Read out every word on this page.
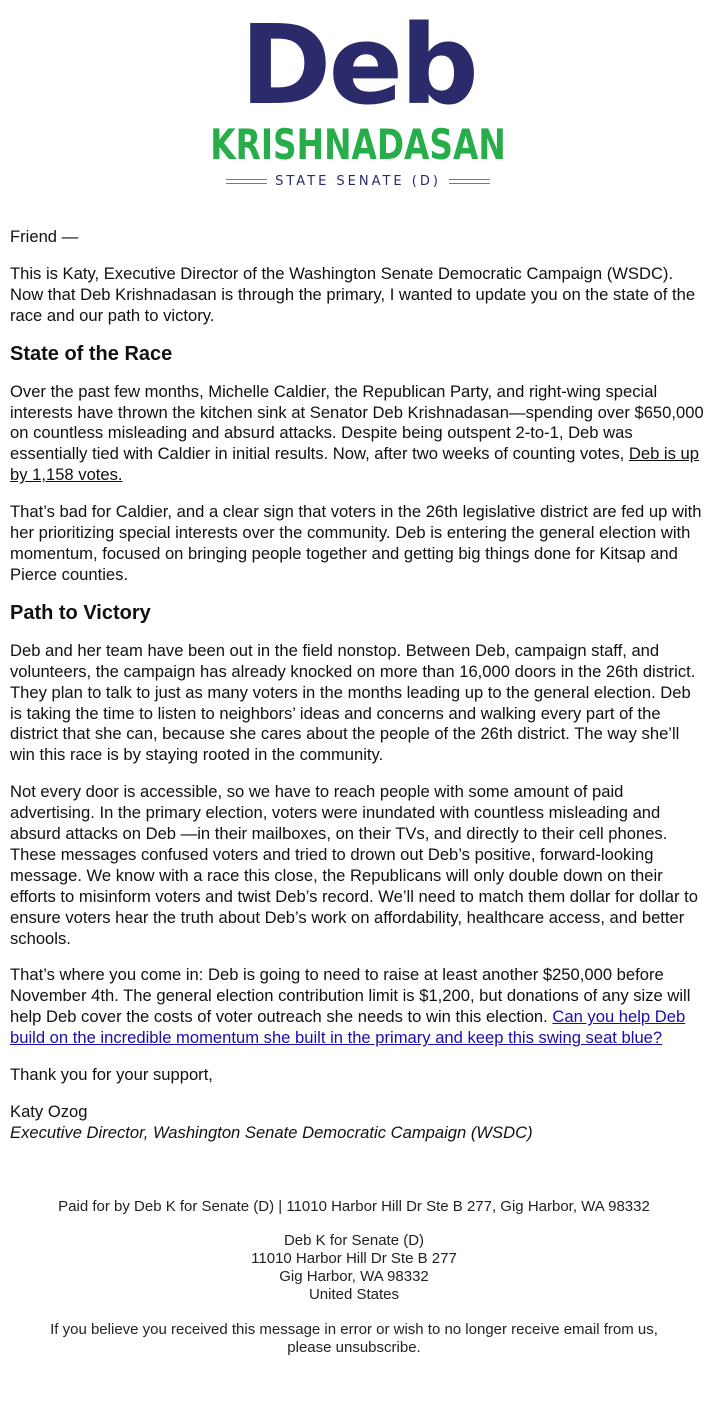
Deb
KRISHNADASAN
STATE SENATE (D)

Friend —

This is Katy, Executive Director of the Washington Senate Democratic Campaign (WSDC). Now that Deb Krishnadasan is through the primary, I wanted to update you on the state of the race and our path to victory.

State of the Race

Over the past few months, Michelle Caldier, the Republican Party, and right-wing special interests have thrown the kitchen sink at Senator Deb Krishnadasan—spending over $650,000 on countless misleading and absurd attacks. Despite being outspent 2-to-1, Deb was essentially tied with Caldier in initial results. Now, after two weeks of counting votes, Deb is up by 1,158 votes.

That’s bad for Caldier, and a clear sign that voters in the 26th legislative district are fed up with her prioritizing special interests over the community. Deb is entering the general election with momentum, focused on bringing people together and getting big things done for Kitsap and Pierce counties.

Path to Victory

Deb and her team have been out in the field nonstop. Between Deb, campaign staff, and volunteers, the campaign has already knocked on more than 16,000 doors in the 26th district. They plan to talk to just as many voters in the months leading up to the general election. Deb is taking the time to listen to neighbors’ ideas and concerns and walking every part of the district that she can, because she cares about the people of the 26th district. The way she’ll win this race is by staying rooted in the community.

Not every door is accessible, so we have to reach people with some amount of paid advertising. In the primary election, voters were inundated with countless misleading and absurd attacks on Deb —in their mailboxes, on their TVs, and directly to their cell phones. These messages confused voters and tried to drown out Deb’s positive, forward-looking message. We know with a race this close, the Republicans will only double down on their efforts to misinform voters and twist Deb’s record. We’ll need to match them dollar for dollar to ensure voters hear the truth about Deb’s work on affordability, healthcare access, and better schools.

That’s where you come in: Deb is going to need to raise at least another $250,000 before November 4th. The general election contribution limit is $1,200, but donations of any size will help Deb cover the costs of voter outreach she needs to win this election. Can you help Deb build on the incredible momentum she built in the primary and keep this swing seat blue?

Thank you for your support,

Katy Ozog
Executive Director, Washington Senate Democratic Campaign (WSDC)

Paid for by Deb K for Senate (D) | 11010 Harbor Hill Dr Ste B 277, Gig Harbor, WA 98332

Deb K for Senate (D)
11010 Harbor Hill Dr Ste B 277
Gig Harbor, WA 98332
United States

If you believe you received this message in error or wish to no longer receive email from us, please unsubscribe.
